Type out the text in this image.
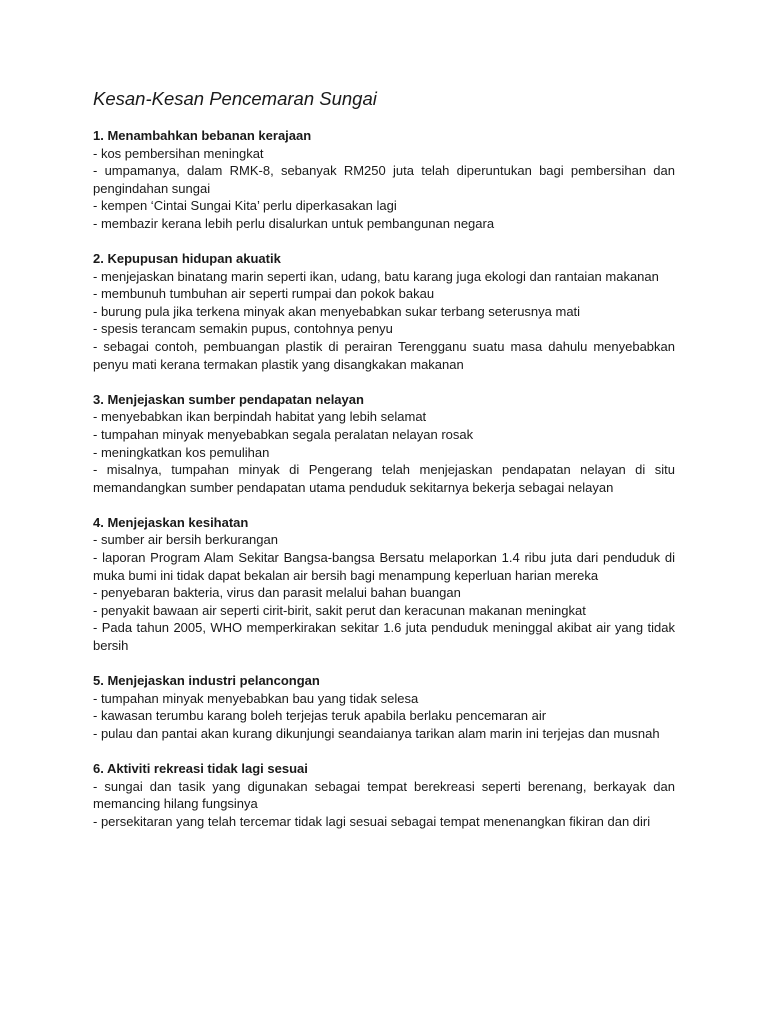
Kesan-Kesan Pencemaran Sungai

1. Menambahkan bebanan kerajaan

- kos pembersihan meningkat

- umpamanya, dalam RMK-8, sebanyak RM250 juta telah diperuntukan bagi pembersihan dan pengindahan sungai

- kempen ‘Cintai Sungai Kita’ perlu diperkasakan lagi

- membazir kerana lebih perlu disalurkan untuk pembangunan negara

2. Kepupusan hidupan akuatik

- menjejaskan binatang marin seperti ikan, udang, batu karang juga ekologi dan rantaian makanan

- membunuh tumbuhan air seperti rumpai dan pokok bakau

- burung pula jika terkena minyak akan menyebabkan sukar terbang seterusnya mati

- spesis terancam semakin pupus, contohnya penyu

- sebagai contoh, pembuangan plastik di perairan Terengganu suatu masa dahulu menyebabkan penyu mati kerana termakan plastik yang disangkakan makanan

3. Menjejaskan sumber pendapatan nelayan

- menyebabkan ikan berpindah habitat yang lebih selamat

- tumpahan minyak menyebabkan segala peralatan nelayan rosak

- meningkatkan kos pemulihan

- misalnya, tumpahan minyak di Pengerang telah menjejaskan pendapatan nelayan di situ memandangkan sumber pendapatan utama penduduk sekitarnya bekerja sebagai nelayan

4. Menjejaskan kesihatan

- sumber air bersih berkurangan

- laporan Program Alam Sekitar Bangsa-bangsa Bersatu melaporkan 1.4 ribu juta dari penduduk di muka bumi ini tidak dapat bekalan air bersih bagi menampung keperluan harian mereka

- penyebaran bakteria, virus dan parasit melalui bahan buangan

- penyakit bawaan air seperti cirit-birit, sakit perut dan keracunan makanan meningkat

- Pada tahun 2005, WHO memperkirakan sekitar 1.6 juta penduduk meninggal akibat air yang tidak bersih

5. Menjejaskan industri pelancongan

- tumpahan minyak menyebabkan bau yang tidak selesa

- kawasan terumbu karang boleh terjejas teruk apabila berlaku pencemaran air

- pulau dan pantai akan kurang dikunjungi seandaianya tarikan alam marin ini terjejas dan musnah

6. Aktiviti rekreasi tidak lagi sesuai

- sungai dan tasik yang digunakan sebagai tempat berekreasi seperti berenang, berkayak dan memancing hilang fungsinya

- persekitaran yang telah tercemar tidak lagi sesuai sebagai tempat menenangkan fikiran dan diri
